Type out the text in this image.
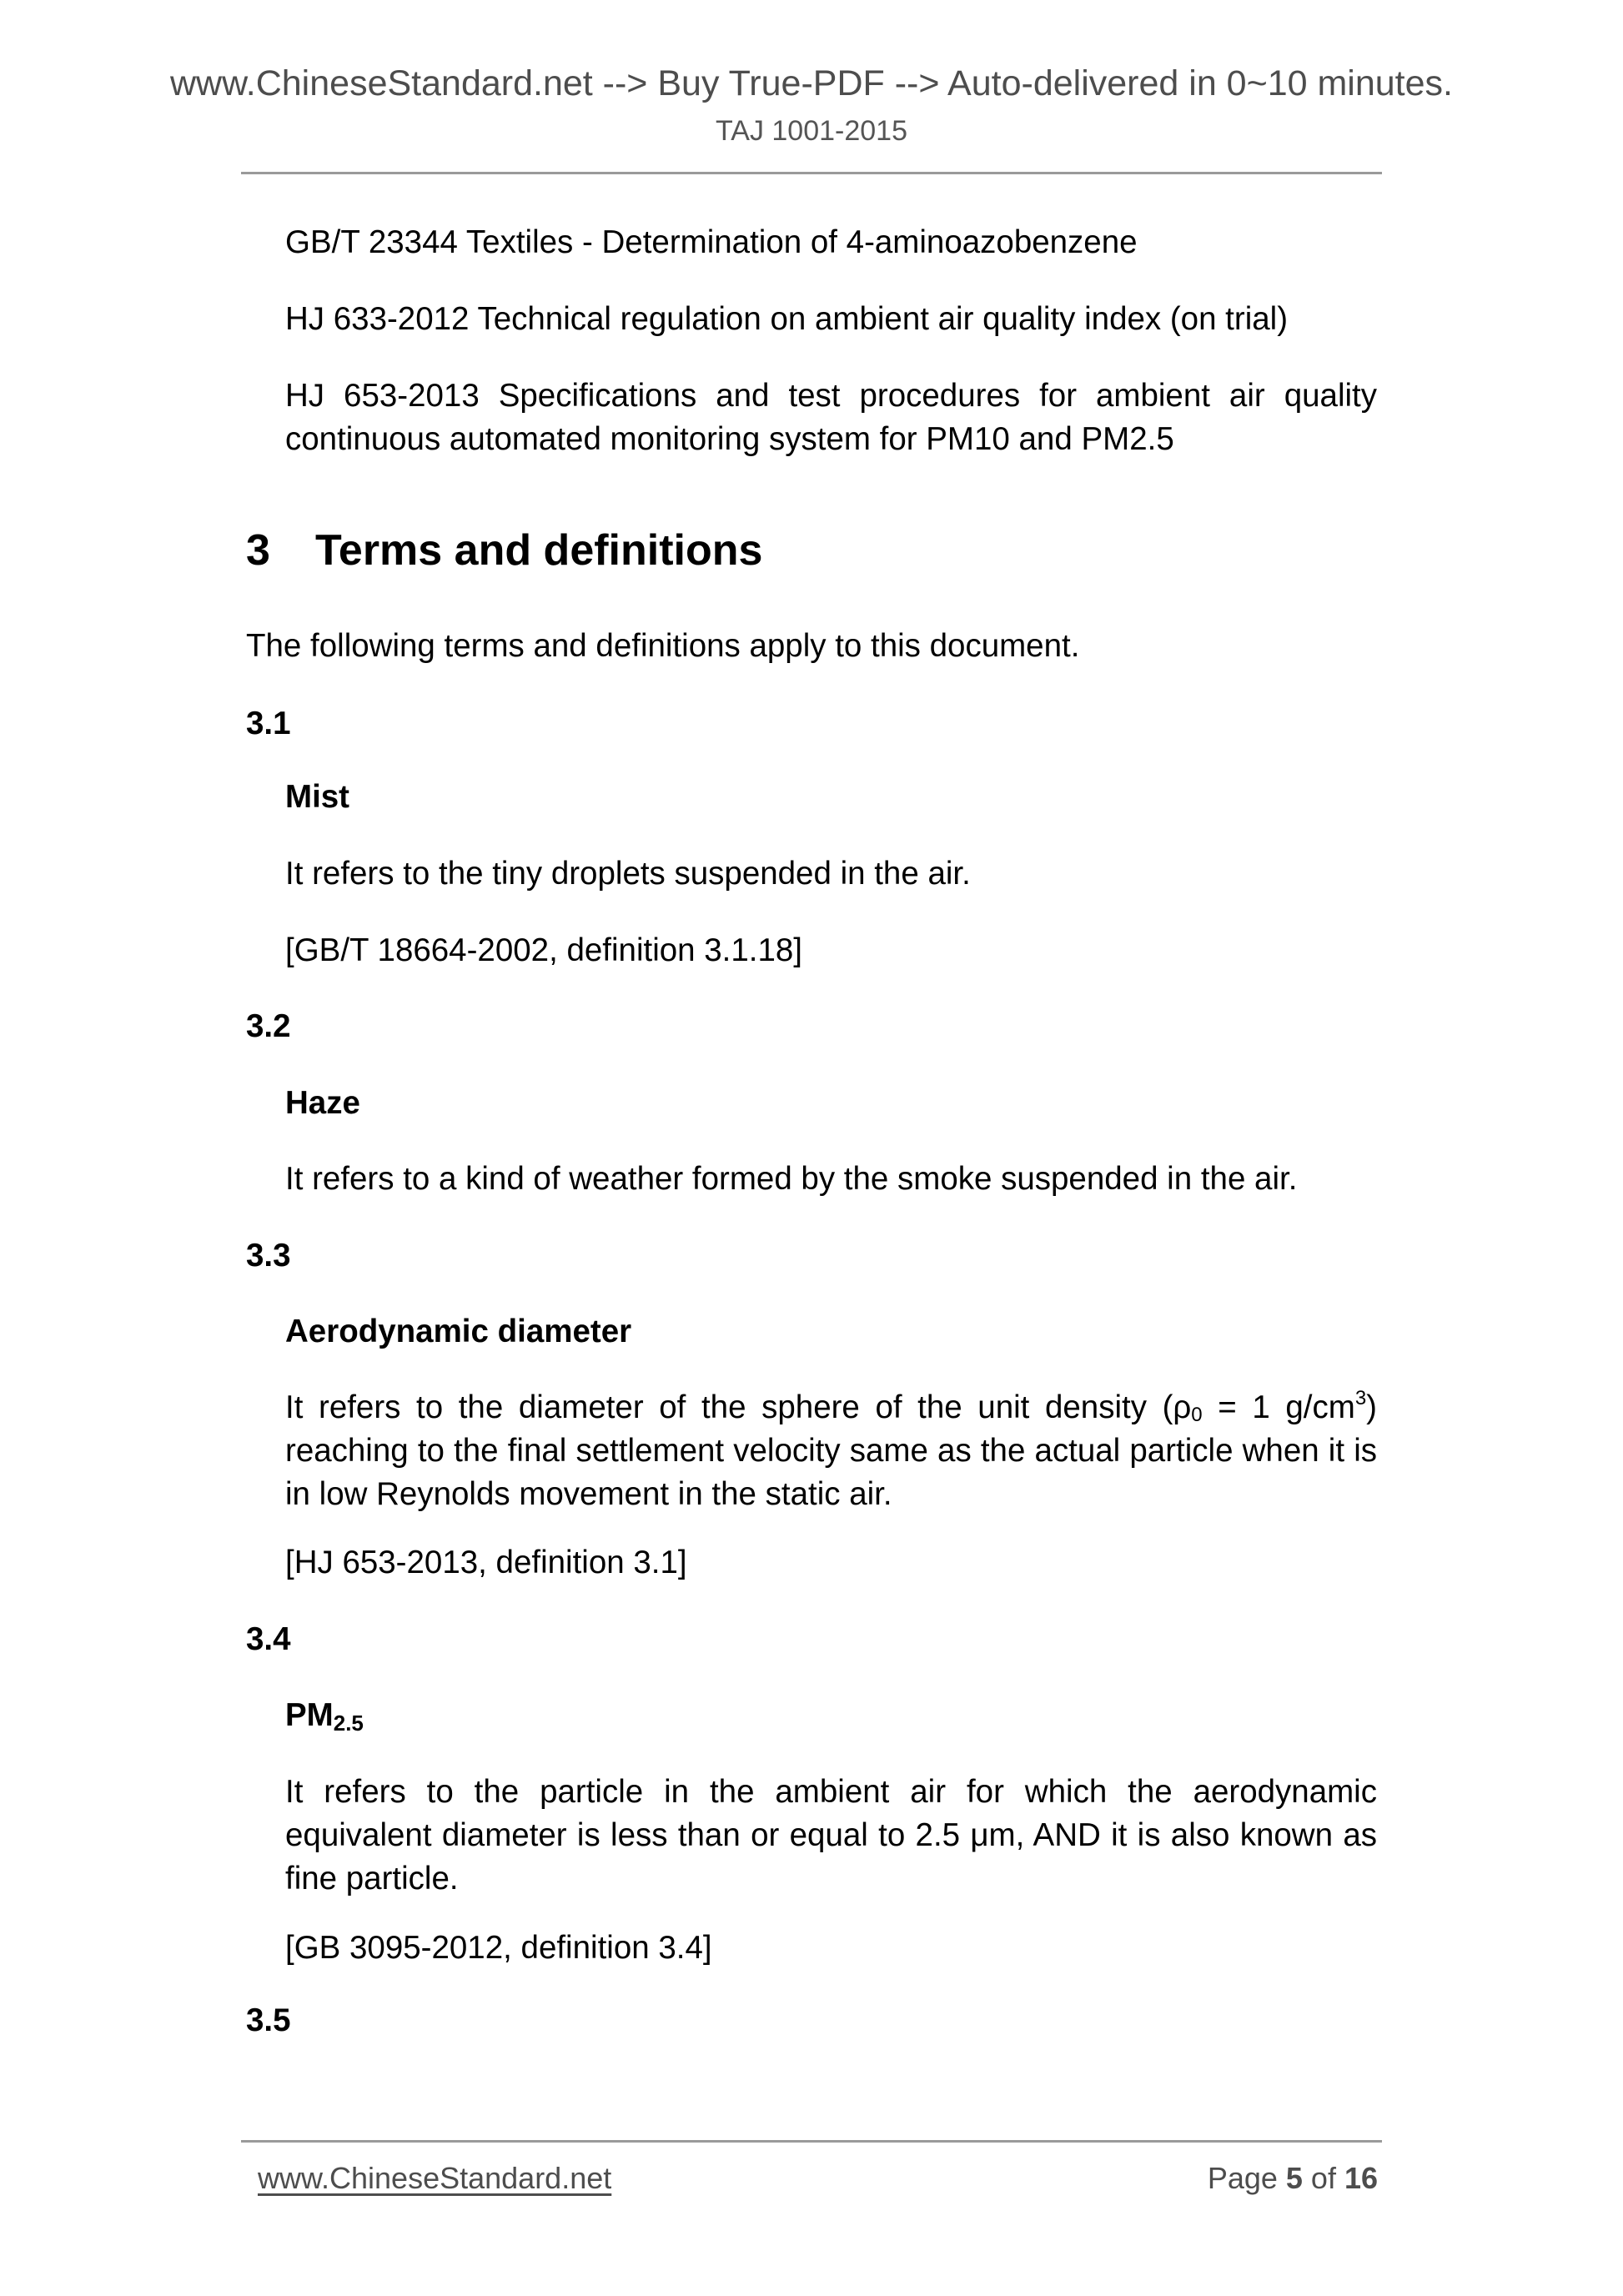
www.ChineseStandard.net --> Buy True-PDF --> Auto-delivered in 0~10 minutes.
TAJ 1001-2015
GB/T 23344 Textiles - Determination of 4-aminoazobenzene
HJ 633-2012 Technical regulation on ambient air quality index (on trial)
HJ 653-2013 Specifications and test procedures for ambient air quality continuous automated monitoring system for PM10 and PM2.5
3 Terms and definitions
The following terms and definitions apply to this document.
3.1
Mist
It refers to the tiny droplets suspended in the air.
[GB/T 18664-2002, definition 3.1.18]
3.2
Haze
It refers to a kind of weather formed by the smoke suspended in the air.
3.3
Aerodynamic diameter
It refers to the diameter of the sphere of the unit density ($\rho_0 = 1$ $g/cm^3$) reaching to the final settlement velocity same as the actual particle when it is in low Reynolds movement in the static air.
[HJ 653-2013, definition 3.1]
3.4
$PM_{2.5}$
It refers to the particle in the ambient air for which the aerodynamic equivalent diameter is less than or equal to 2.5 μm, AND it is also known as fine particle.
[GB 3095-2012, definition 3.4]
3.5
www.ChineseStandard.net	Page 5 of 16
